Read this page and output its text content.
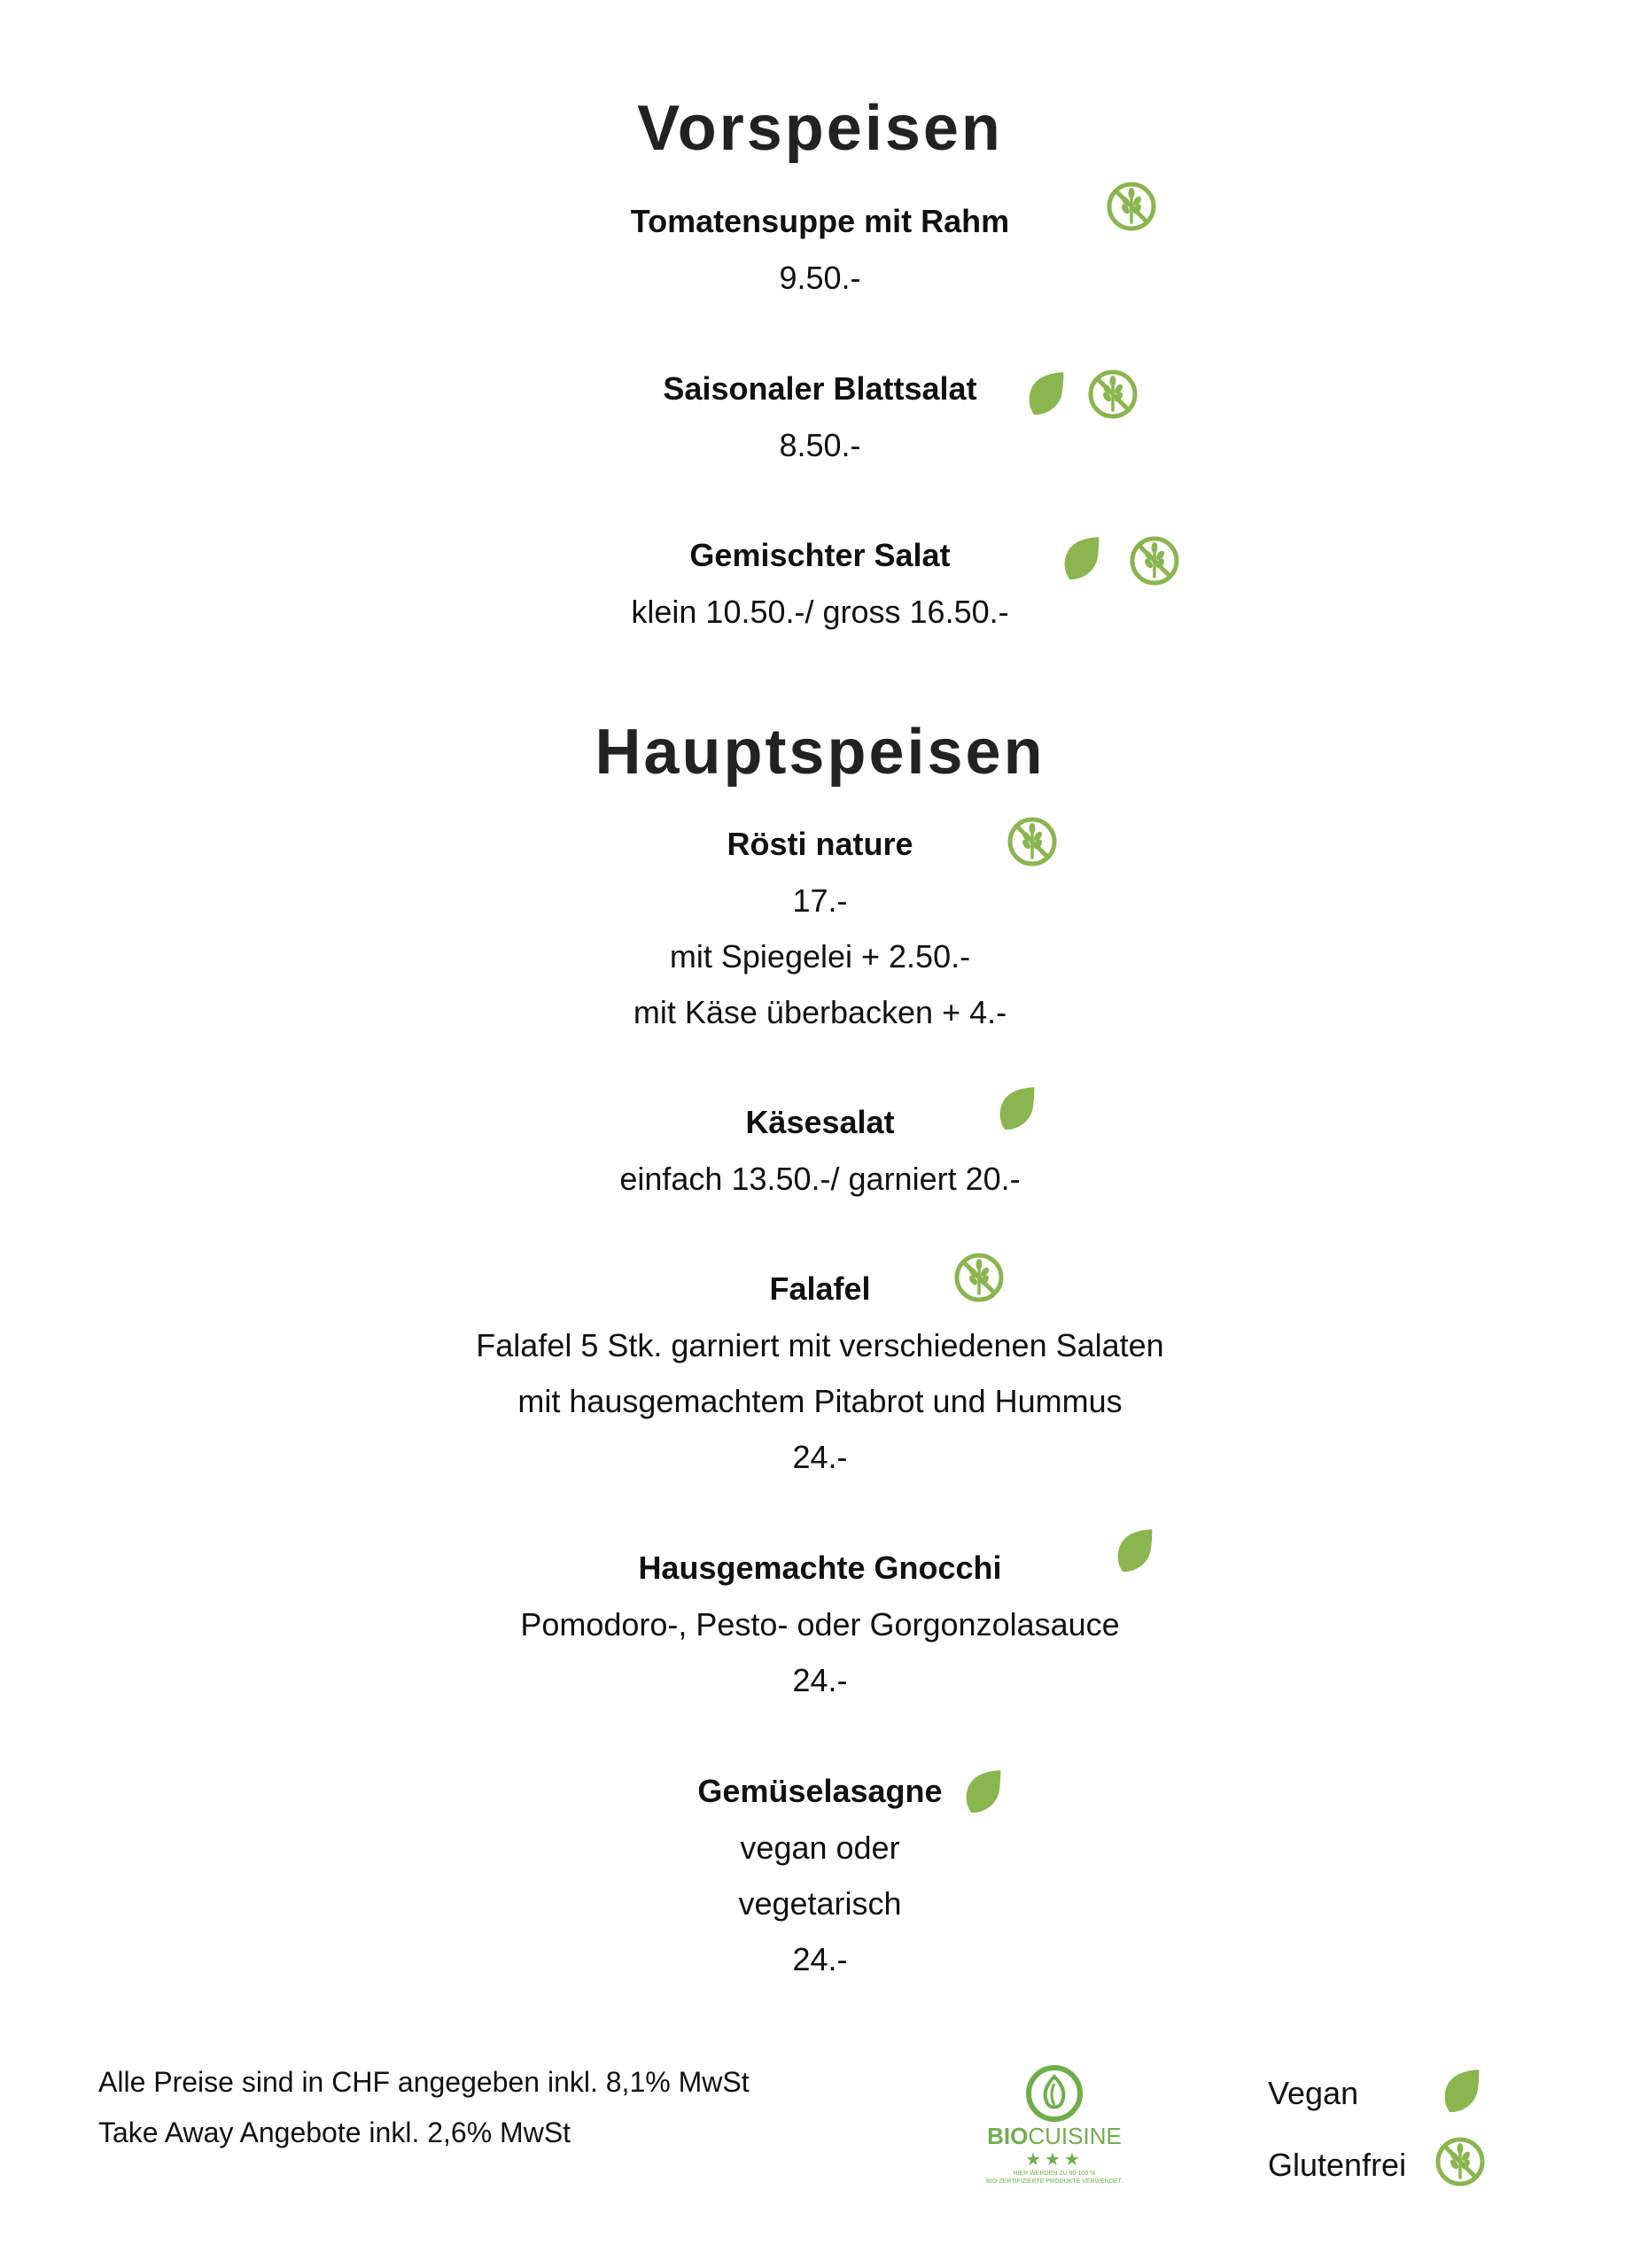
Vorspeisen
Hauptspeisen
Tomatensuppe mit Rahm
9.50.-
Saisonaler Blattsalat
8.50.-
Gemischter Salat
klein 10.50.-/ gross 16.50.-
Rösti nature
17.-
mit Spiegelei + 2.50.-
mit Käse überbacken + 4.-
Käsesalat
einfach 13.50.-/ garniert 20.-
Falafel
Falafel 5 Stk. garniert mit verschiedenen Salaten
mit hausgemachtem Pitabrot und Hummus
24.-
Hausgemachte Gnocchi
Pomodoro-, Pesto- oder Gorgonzolasauce
24.-
Gemüselasagne
vegan oder
vegetarisch
24.-
Alle Preise sind in CHF angegeben inkl. 8,1% MwSt
Take Away Angebote inkl. 2,6% MwSt	BIOCUISINE
★★★
HIER WERDEN ZU 90-100 %
BIO-ZERTIFIZIERTE PRODUKTE VERWENDET.
Vegan
Glutenfrei
